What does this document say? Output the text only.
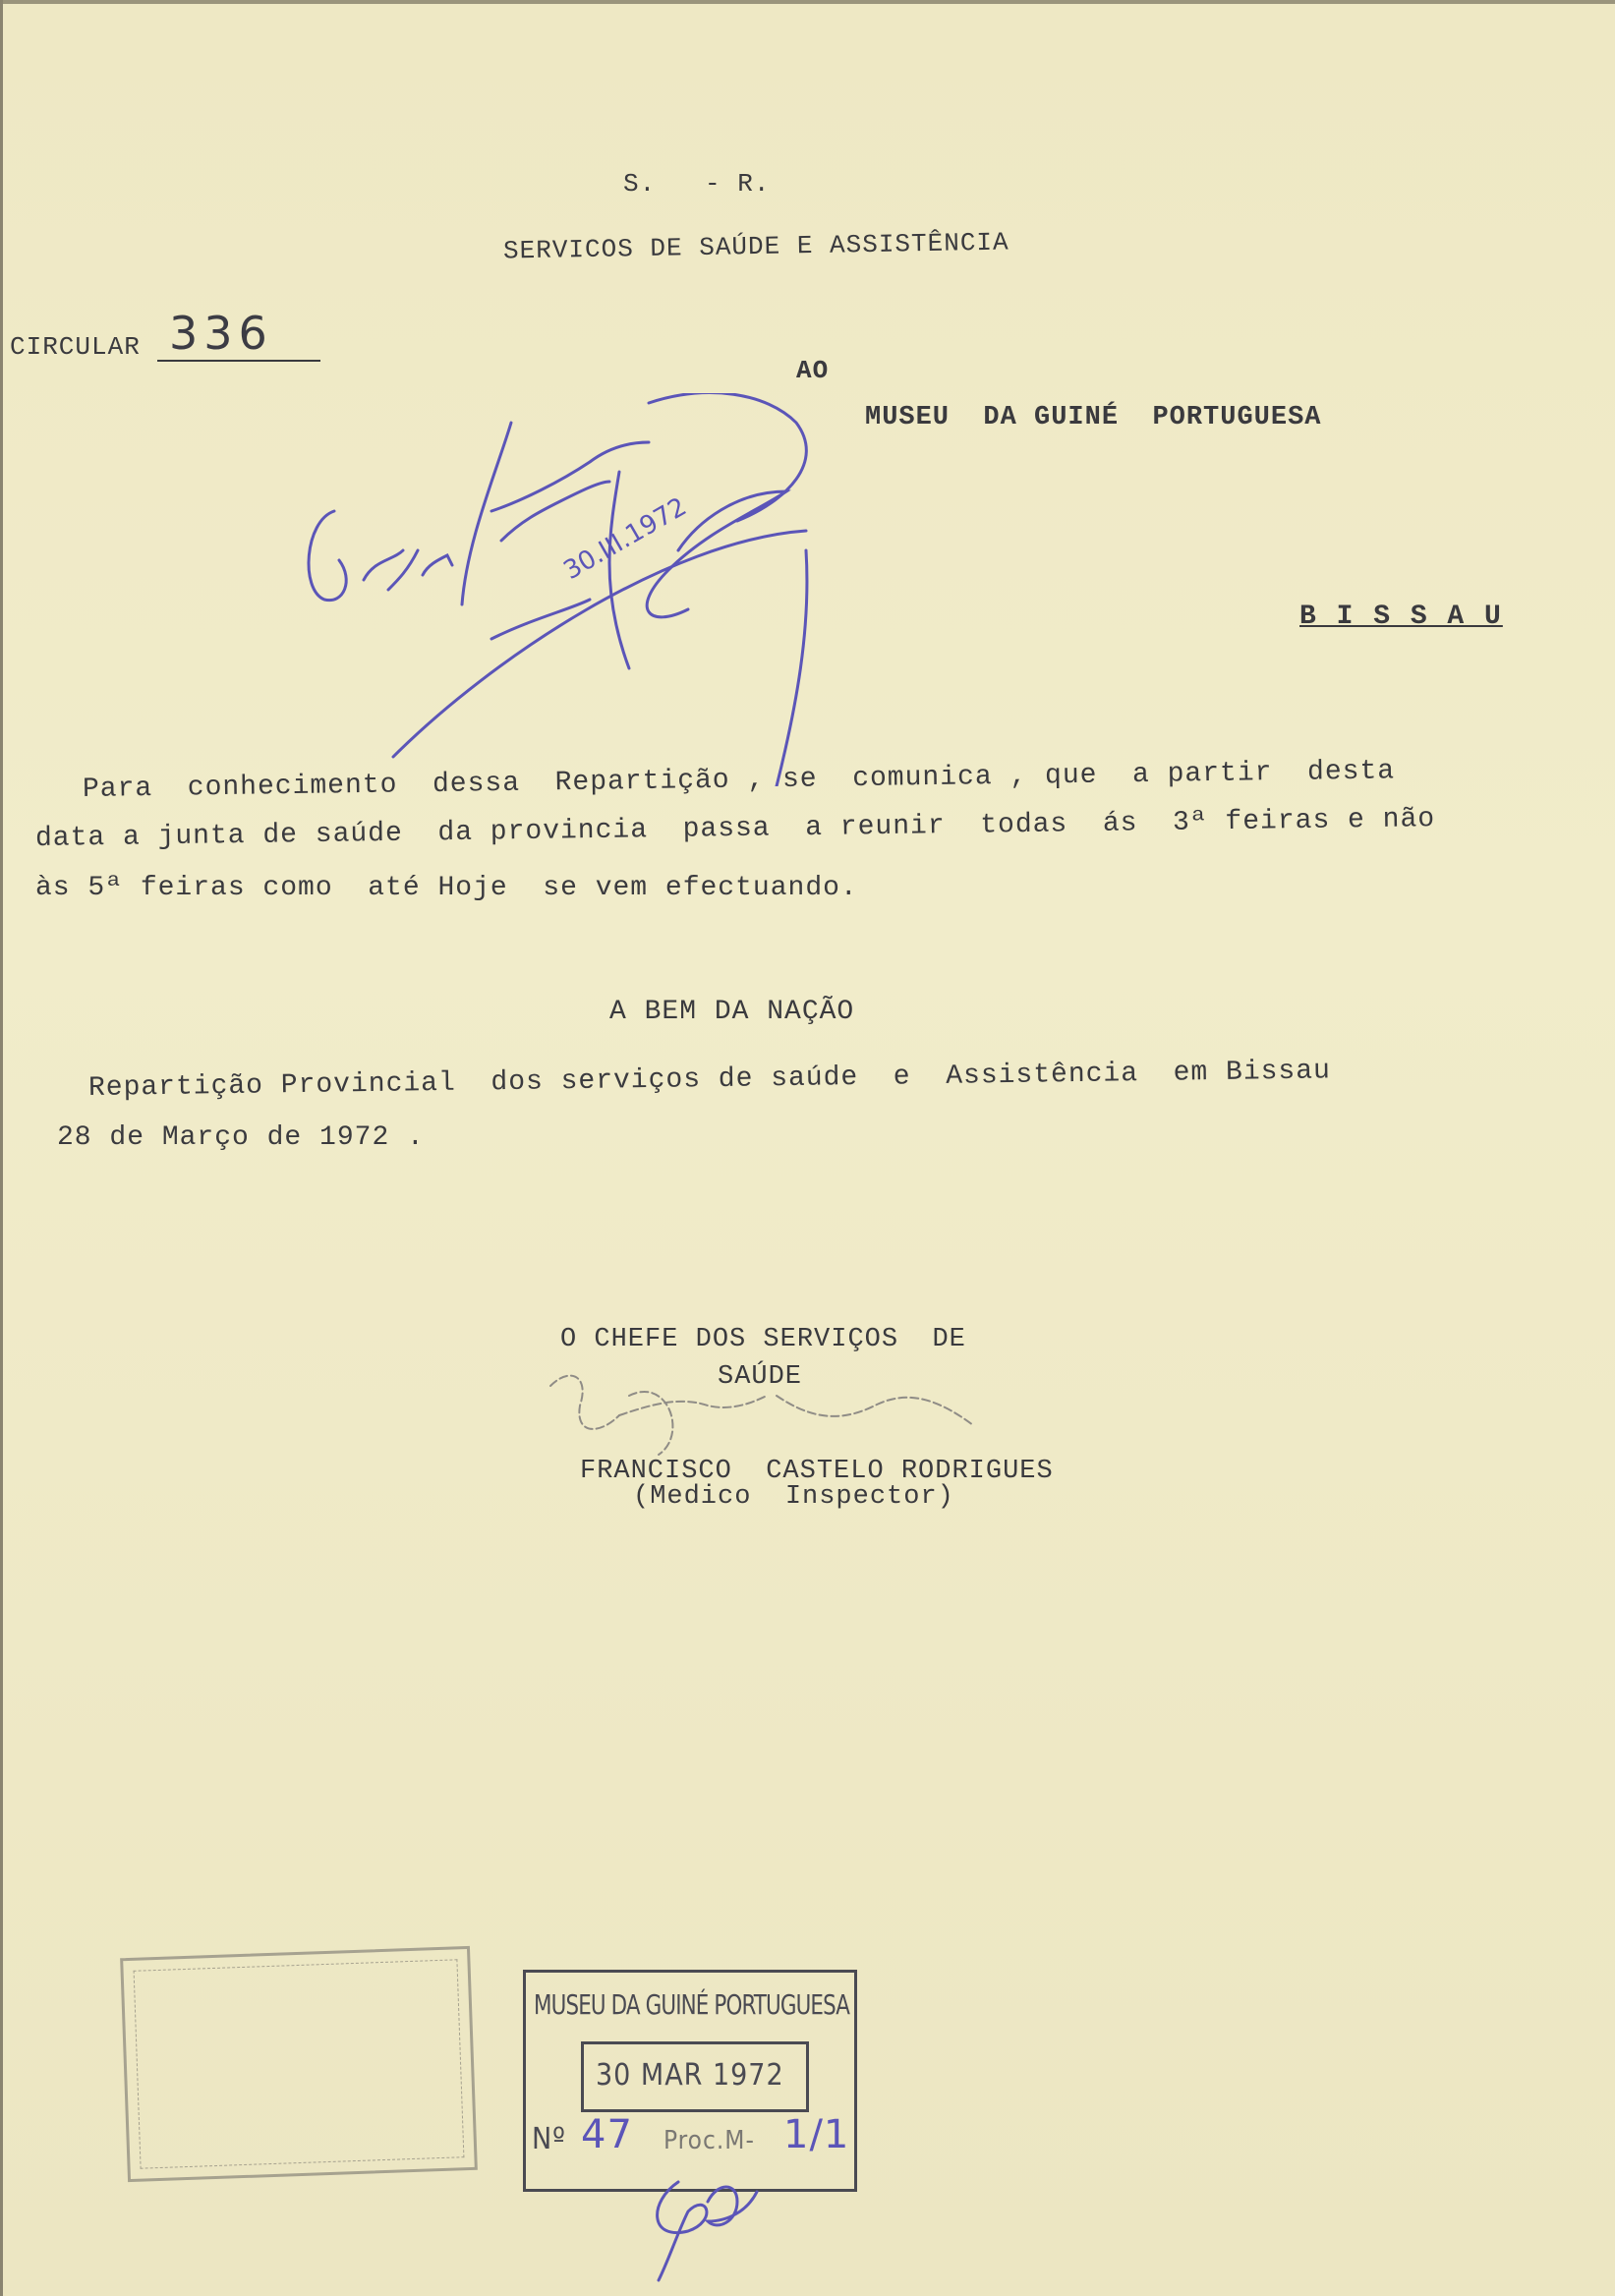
S.   - R.
SERVICOS DE SAÚDE E ASSISTÊNCIA
CIRCULAR 336
AO
MUSEU  DA GUINÉ  PORTUGUESA
B I S S A U
Para  conhecimento  dessa  Repartição , se  comunica , que  a partir  desta
data a junta de saúde  da provincia  passa  a reunir  todas  ás  3ª feiras e não
às 5ª feiras como  até Hoje  se vem efectuando.
A BEM DA NAÇÃO
Repartição Provincial  dos serviços de saúde  e  Assistência  em Bissau
28 de Março de 1972 .
O CHEFE DOS SERVIÇOS  DE
SAÚDE
FRANCISCO  CASTELO RODRIGUES
(Medico  Inspector)
30.III.1972
MUSEU DA GUINÉ PORTUGUESA
30 MAR 1972
Nº 47 Proc.M- 1/1
